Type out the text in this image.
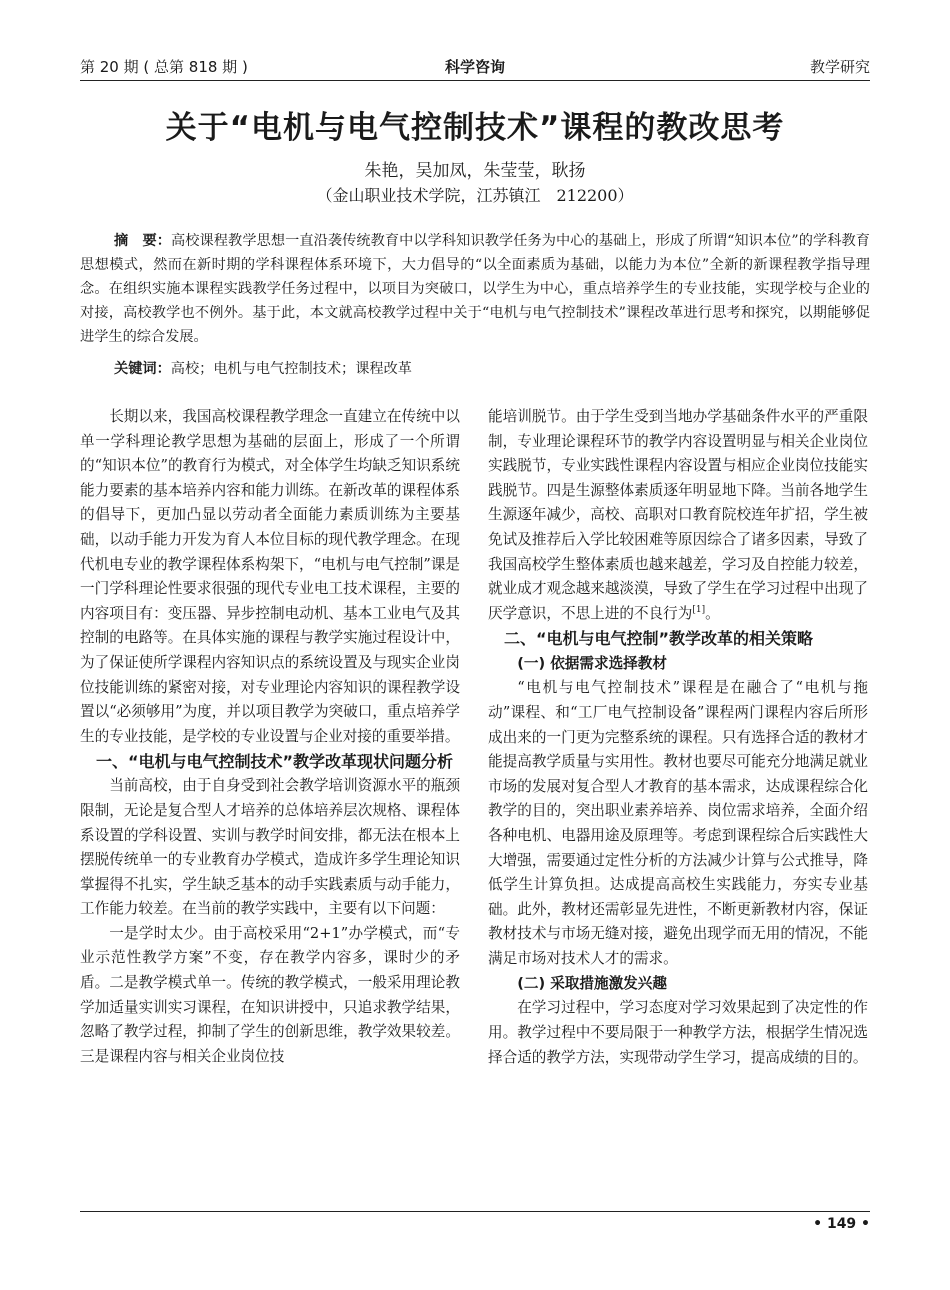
第 20 期 ( 总第 818 期 )	科学咨询	教学研究
关于“电机与电气控制技术”课程的教改思考
朱艳，吴加凤，朱莹莹，耿扬
（金山职业技术学院，江苏镇江　212200）
摘　要：高校课程教学思想一直沿袭传统教育中以学科知识教学任务为中心的基础上，形成了所谓“知识本位”的学科教育思想模式，然而在新时期的学科课程体系环境下，大力倡导的“以全面素质为基础，以能力为本位”全新的新课程教学指导理念。在组织实施本课程实践教学任务过程中，以项目为突破口，以学生为中心，重点培养学生的专业技能，实现学校与企业的对接，高校教学也不例外。基于此，本文就高校教学过程中关于“电机与电气控制技术”课程改革进行思考和探究，以期能够促进学生的综合发展。
关键词：高校；电机与电气控制技术；课程改革

长期以来，我国高校课程教学理念一直建立在传统中以单一学科理论教学思想为基础的层面上，形成了一个所谓的“知识本位”的教育行为模式，对全体学生均缺乏知识系统能力要素的基本培养内容和能力训练。在新改革的课程体系的倡导下，更加凸显以劳动者全面能力素质训练为主要基础，以动手能力开发为育人本位目标的现代教学理念。在现代机电专业的教学课程体系构架下，“电机与电气控制”课是一门学科理论性要求很强的现代专业电工技术课程，主要的内容项目有：变压器、异步控制电动机、基本工业电气及其控制的电路等。在具体实施的课程与教学实施过程设计中，为了保证使所学课程内容知识点的系统设置及与现实企业岗位技能训练的紧密对接，对专业理论内容知识的课程教学设置以“必须够用”为度，并以项目教学为突破口，重点培养学生的专业技能，是学校的专业设置与企业对接的重要举措。

一、“电机与电气控制技术”教学改革现状问题分析

当前高校，由于自身受到社会教学培训资源水平的瓶颈限制，无论是复合型人才培养的总体培养层次规格、课程体系设置的学科设置、实训与教学时间安排，都无法在根本上摆脱传统单一的专业教育办学模式，造成许多学生理论知识掌握得不扎实，学生缺乏基本的动手实践素质与动手能力，工作能力较差。在当前的教学实践中，主要有以下问题：

一是学时太少。由于高校采用“2+1”办学模式，而“专业示范性教学方案”不变，存在教学内容多，课时少的矛盾。二是教学模式单一。传统的教学模式，一般采用理论教学加适量实训实习课程，在知识讲授中，只追求教学结果，忽略了教学过程，抑制了学生的创新思维，教学效果较差。三是课程内容与相关企业岗位技

能培训脱节。由于学生受到当地办学基础条件水平的严重限制，专业理论课程环节的教学内容设置明显与相关企业岗位实践脱节，专业实践性课程内容设置与相应企业岗位技能实践脱节。四是生源整体素质逐年明显地下降。当前各地学生生源逐年减少，高校、高职对口教育院校连年扩招，学生被免试及推荐后入学比较困难等原因综合了诸多因素，导致了我国高校学生整体素质也越来越差，学习及自控能力较差，就业成才观念越来越淡漠，导致了学生在学习过程中出现了厌学意识，不思上进的不良行为[1]。

二、“电机与电气控制”教学改革的相关策略
(一) 依据需求选择教材

“电机与电气控制技术”课程是在融合了“电机与拖动”课程、和“工厂电气控制设备”课程两门课程内容后所形成出来的一门更为完整系统的课程。只有选择合适的教材才能提高教学质量与实用性。教材也要尽可能充分地满足就业市场的发展对复合型人才教育的基本需求，达成课程综合化教学的目的，突出职业素养培养、岗位需求培养，全面介绍各种电机、电器用途及原理等。考虑到课程综合后实践性大大增强，需要通过定性分析的方法减少计算与公式推导，降低学生计算负担。达成提高高校生实践能力，夯实专业基础。此外，教材还需彰显先进性，不断更新教材内容，保证教材技术与市场无缝对接，避免出现学而无用的情况，不能满足市场对技术人才的需求。

(二) 采取措施激发兴趣

在学习过程中，学习态度对学习效果起到了决定性的作用。教学过程中不要局限于一种教学方法，根据学生情况选择合适的教学方法，实现带动学生学习，提高成绩的目的。

• 149 •
